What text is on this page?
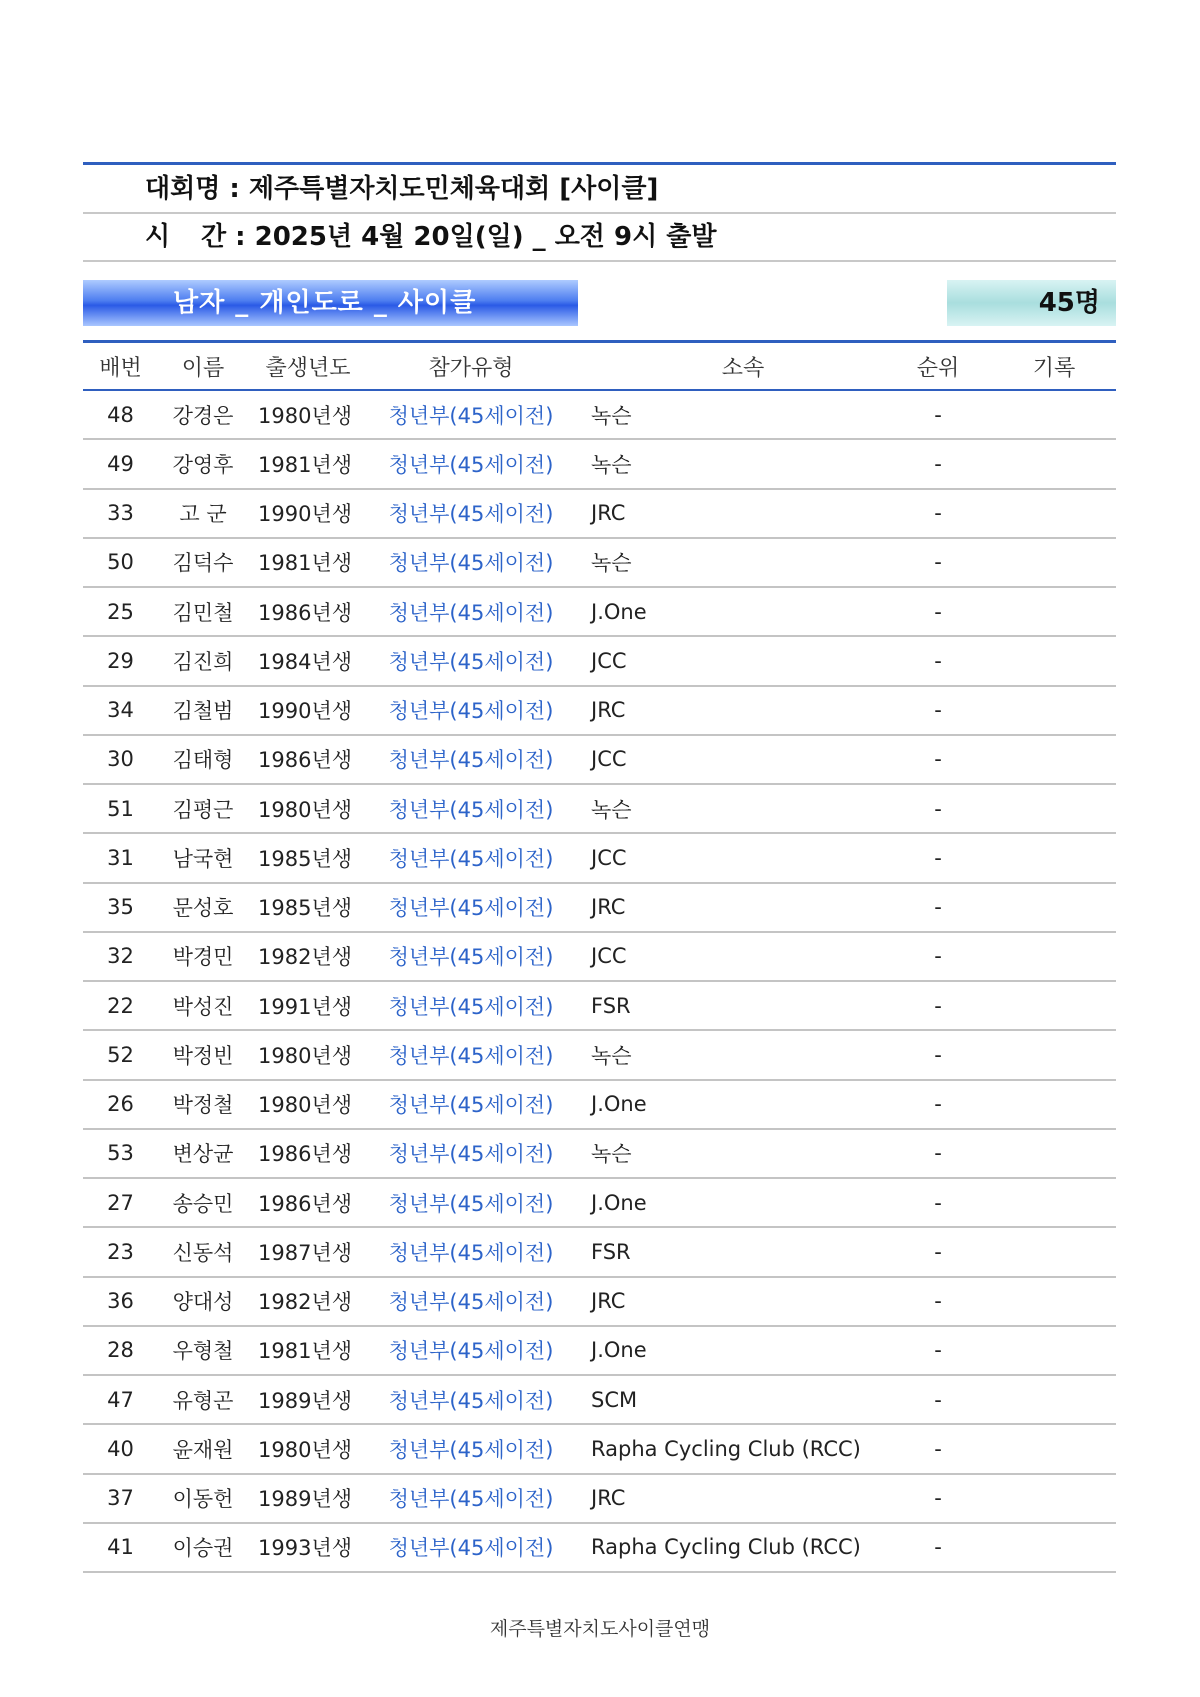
대회명 : 제주특별자치도민체육대회 [사이클]
시 간 : 2025년 4월 20일(일) _ 오전 9시 출발
남자 _ 개인도로 _ 사이클	45명
배번	이름	출생년도	참가유형	소속	순위	기록
48	강경은	1980년생	청년부(45세이전)	녹슨	-
49	강영후	1981년생	청년부(45세이전)	녹슨	-
33	고 군	1990년생	청년부(45세이전)	JRC	-
50	김덕수	1981년생	청년부(45세이전)	녹슨	-
25	김민철	1986년생	청년부(45세이전)	J.One	-
29	김진희	1984년생	청년부(45세이전)	JCC	-
34	김철범	1990년생	청년부(45세이전)	JRC	-
30	김태형	1986년생	청년부(45세이전)	JCC	-
51	김평근	1980년생	청년부(45세이전)	녹슨	-
31	남국현	1985년생	청년부(45세이전)	JCC	-
35	문성호	1985년생	청년부(45세이전)	JRC	-
32	박경민	1982년생	청년부(45세이전)	JCC	-
22	박성진	1991년생	청년부(45세이전)	FSR	-
52	박정빈	1980년생	청년부(45세이전)	녹슨	-
26	박정철	1980년생	청년부(45세이전)	J.One	-
53	변상균	1986년생	청년부(45세이전)	녹슨	-
27	송승민	1986년생	청년부(45세이전)	J.One	-
23	신동석	1987년생	청년부(45세이전)	FSR	-
36	양대성	1982년생	청년부(45세이전)	JRC	-
28	우형철	1981년생	청년부(45세이전)	J.One	-
47	유형곤	1989년생	청년부(45세이전)	SCM	-
40	윤재원	1980년생	청년부(45세이전)	Rapha Cycling Club (RCC)	-
37	이동헌	1989년생	청년부(45세이전)	JRC	-
41	이승권	1993년생	청년부(45세이전)	Rapha Cycling Club (RCC)	-
제주특별자치도사이클연맹
